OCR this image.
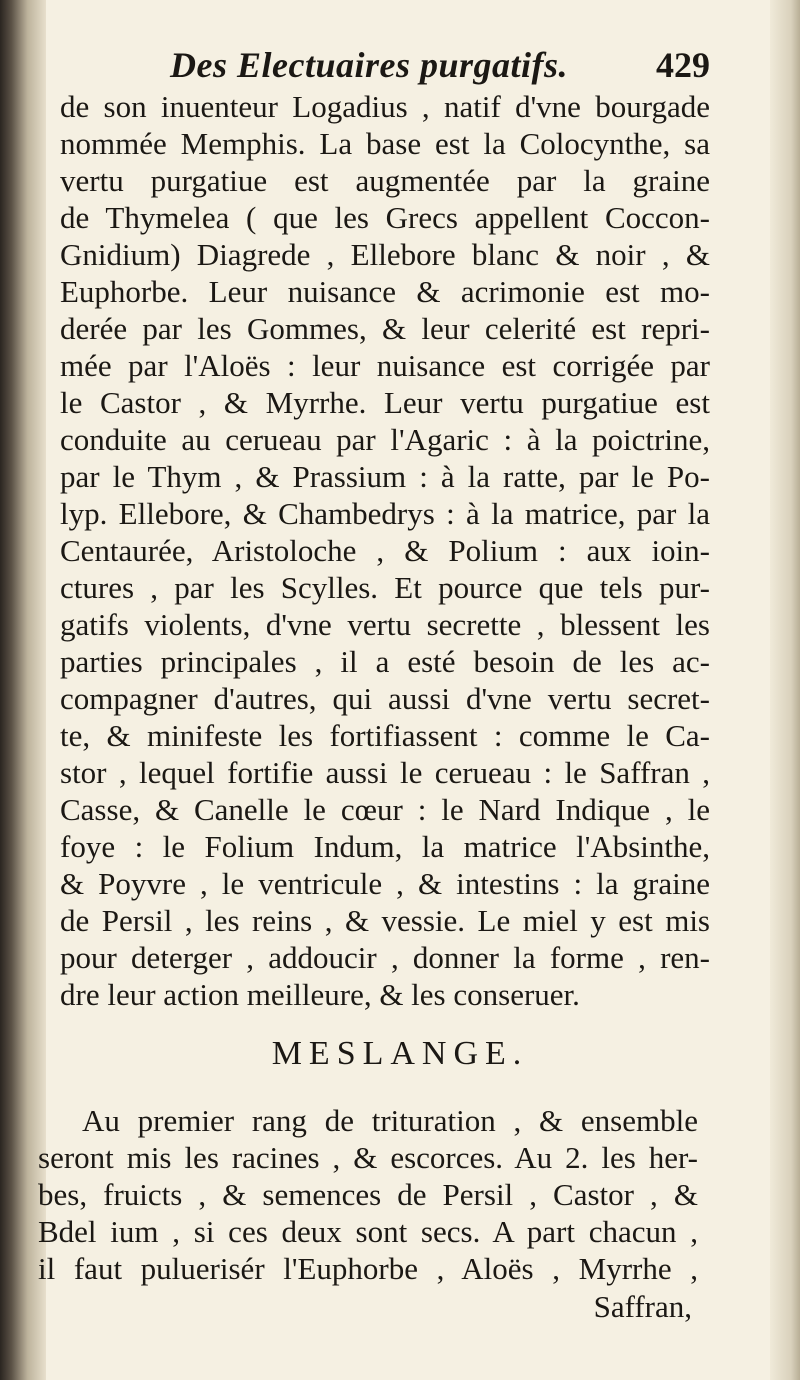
Des Electuaires purgatifs. 429
de son inuenteur Logadius , natif d'vne bourgade
nommée Memphis. La base est la Colocynthe, sa
vertu purgatiue est augmentée par la graine
de Thymelea ( que les Grecs appellent Coccon-
Gnidium) Diagrede , Ellebore blanc & noir , &
Euphorbe. Leur nuisance & acrimonie est mo-
derée par les Gommes, & leur celerité est repri-
mée par l'Aloës : leur nuisance est corrigée par
le Castor , & Myrrhe. Leur vertu purgatiue est
conduite au cerueau par l'Agaric : à la poictrine,
par le Thym , & Prassium : à la ratte, par le Po-
lyp. Ellebore, & Chambedrys : à la matrice, par la
Centaurée, Aristoloche , & Polium : aux ioin-
ctures , par les Scylles. Et pource que tels pur-
gatifs violents, d'vne vertu secrette , blessent les
parties principales , il a esté besoin de les ac-
compagner d'autres, qui aussi d'vne vertu secret-
te, & minifeste les fortifiassent : comme le Ca-
stor , lequel fortifie aussi le cerueau : le Saffran ,
Casse, & Canelle le cœur : le Nard Indique , le
foye : le Folium Indum, la matrice l'Absinthe,
& Poyvre , le ventricule , & intestins : la graine
de Persil , les reins , & vessie. Le miel y est mis
pour deterger , addoucir , donner la forme , ren-
dre leur action meilleure, & les conseruer.
MESLANGE.
Au premier rang de trituration , & ensemble
seront mis les racines , & escorces. Au 2. les her-
bes, fruicts , & semences de Persil , Castor , &
Bdel ium , si ces deux sont secs. A part chacun ,
il faut puluerisér l'Euphorbe , Aloës , Myrrhe ,
Saffran,
